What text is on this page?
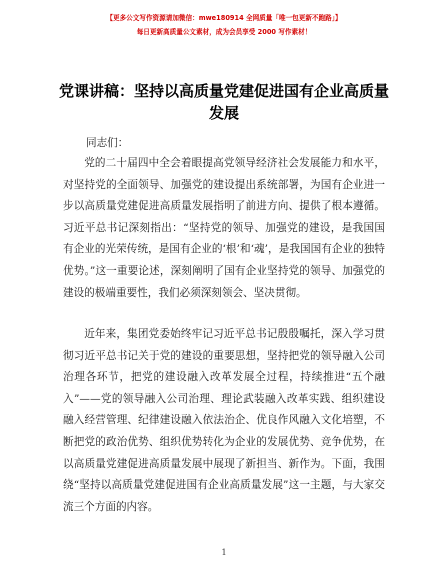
【更多公文写作资源请加微信：mwe180914 全网质量「唯一包更新不跑路」】
每日更新高质量公文素材，成为会员享受 2000 写作素材！
党课讲稿：坚持以高质量党建促进国有企业高质量发展
同志们：

党的二十届四中全会着眼提高党领导经济社会发展能力和水平，对坚持党的全面领导、加强党的建设提出系统部署，为国有企业进一步以高质量党建促进高质量发展指明了前进方向、提供了根本遵循。习近平总书记深刻指出：“坚持党的领导、加强党的建设，是我国国有企业的光荣传统，是国有企业的‘根’和‘魂’，是我国国有企业的独特优势。”这一重要论述，深刻阐明了国有企业坚持党的领导、加强党的建设的极端重要性，我们必须深刻领会、坚决贯彻。

近年来，集团党委始终牢记习近平总书记殷殷嘱托，深入学习贯彻习近平总书记关于党的建设的重要思想，坚持把党的领导融入公司治理各环节，把党的建设融入改革发展全过程，持续推进“五个融入”——党的领导融入公司治理、理论武装融入改革实践、组织建设融入经营管理、纪律建设融入依法治企、优良作风融入文化培塑，不断把党的政治优势、组织优势转化为企业的发展优势、竞争优势，在以高质量党建促进高质量发展中展现了新担当、新作为。下面，我围绕“坚持以高质量党建促进国有企业高质量发展”这一主题，与大家交流三个方面的内容。

1
